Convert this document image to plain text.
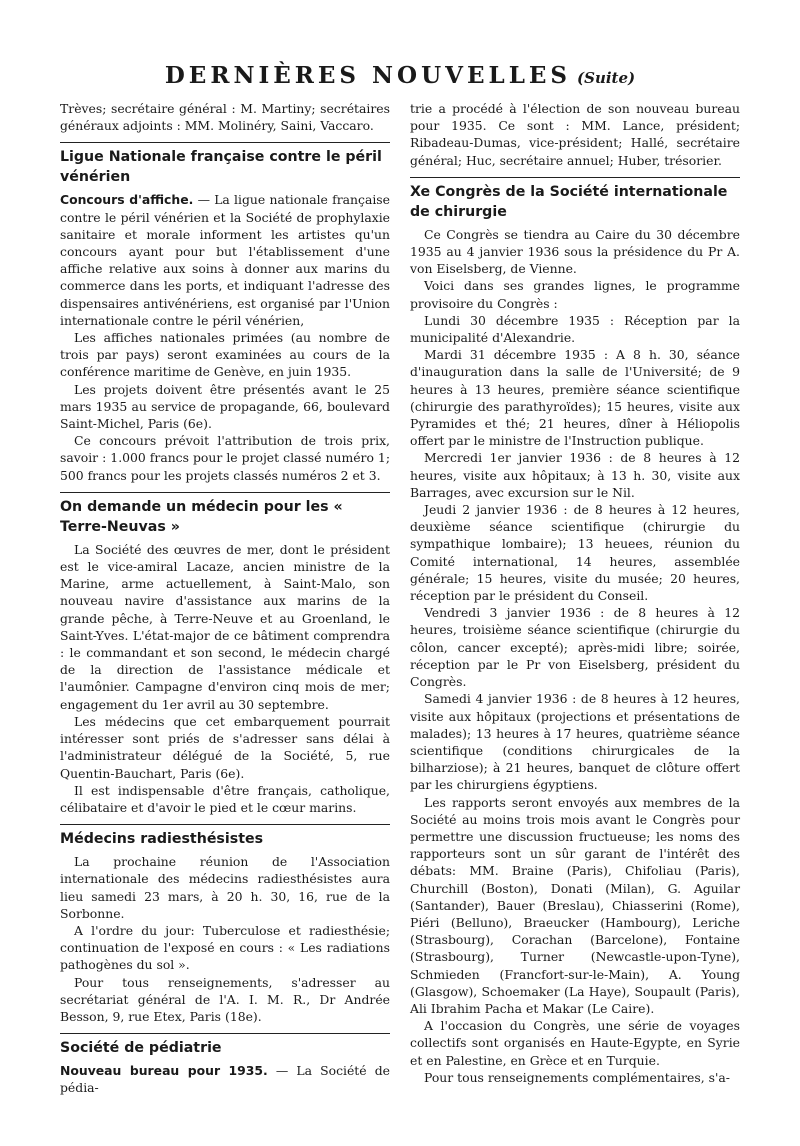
DERNIÈRES NOUVELLES (Suite)

Trèves; secrétaire général : M. Martiny; secrétaires généraux adjoints : MM. Molinéry, Saini, Vaccaro.

Ligue Nationale française contre le péril vénérien

Concours d'affiche. — La ligue nationale française contre le péril vénérien et la Société de prophylaxie sanitaire et morale informent les artistes qu'un concours ayant pour but l'établissement d'une affiche relative aux soins à donner aux marins du commerce dans les ports, et indiquant l'adresse des dispensaires antivénériens, est organisé par l'Union internationale contre le péril vénérien,

Les affiches nationales primées (au nombre de trois par pays) seront examinées au cours de la conférence maritime de Genève, en juin 1935.

Les projets doivent être présentés avant le 25 mars 1935 au service de propagande, 66, boulevard Saint-Michel, Paris (6e).

Ce concours prévoit l'attribution de trois prix, savoir : 1.000 francs pour le projet classé numéro 1; 500 francs pour les projets classés numéros 2 et 3.

On demande un médecin pour les « Terre-Neuvas »

La Société des œuvres de mer, dont le président est le vice-amiral Lacaze, ancien ministre de la Marine, arme actuellement, à Saint-Malo, son nouveau navire d'assistance aux marins de la grande pêche, à Terre-Neuve et au Groenland, le Saint-Yves. L'état-major de ce bâtiment comprendra : le commandant et son second, le médecin chargé de la direction de l'assistance médicale et l'aumônier. Campagne d'environ cinq mois de mer; engagement du 1er avril au 30 septembre.

Les médecins que cet embarquement pourrait intéresser sont priés de s'adresser sans délai à l'administrateur délégué de la Société, 5, rue Quentin-Bauchart, Paris (6e).

Il est indispensable d'être français, catholique, célibataire et d'avoir le pied et le cœur marins.

Médecins radiesthésistes

La prochaine réunion de l'Association internationale des médecins radiesthésistes aura lieu samedi 23 mars, à 20 h. 30, 16, rue de la Sorbonne.

A l'ordre du jour: Tuberculose et radiesthésie; continuation de l'exposé en cours : « Les radiations pathogènes du sol ».

Pour tous renseignements, s'adresser au secrétariat général de l'A. I. M. R., Dr Andrée Besson, 9, rue Etex, Paris (18e).

Société de pédiatrie

Nouveau bureau pour 1935. — La Société de pédia-

trie a procédé à l'élection de son nouveau bureau pour 1935. Ce sont : MM. Lance, président; Ribadeau-Dumas, vice-président; Hallé, secrétaire général; Huc, secrétaire annuel; Huber, trésorier.

Xe Congrès de la Société internationale de chirurgie

Ce Congrès se tiendra au Caire du 30 décembre 1935 au 4 janvier 1936 sous la présidence du Pr A. von Eiselsberg, de Vienne.

Voici dans ses grandes lignes, le programme provisoire du Congrès :

Lundi 30 décembre 1935 : Réception par la municipalité d'Alexandrie.

Mardi 31 décembre 1935 : A 8 h. 30, séance d'inauguration dans la salle de l'Université; de 9 heures à 13 heures, première séance scientifique (chirurgie des parathyroïdes); 15 heures, visite aux Pyramides et thé; 21 heures, dîner à Héliopolis offert par le ministre de l'Instruction publique.

Mercredi 1er janvier 1936 : de 8 heures à 12 heures, visite aux hôpitaux; à 13 h. 30, visite aux Barrages, avec excursion sur le Nil.

Jeudi 2 janvier 1936 : de 8 heures à 12 heures, deuxième séance scientifique (chirurgie du sympathique lombaire); 13 heuees, réunion du Comité international, 14 heures, assemblée générale; 15 heures, visite du musée; 20 heures, réception par le président du Conseil.

Vendredi 3 janvier 1936 : de 8 heures à 12 heures, troisième séance scientifique (chirurgie du côlon, cancer excepté); après-midi libre; soirée, réception par le Pr von Eiselsberg, président du Congrès.

Samedi 4 janvier 1936 : de 8 heures à 12 heures, visite aux hôpitaux (projections et présentations de malades); 13 heures à 17 heures, quatrième séance scientifique (conditions chirurgicales de la bilharziose); à 21 heures, banquet de clôture offert par les chirurgiens égyptiens.

Les rapports seront envoyés aux membres de la Société au moins trois mois avant le Congrès pour permettre une discussion fructueuse; les noms des rapporteurs sont un sûr garant de l'intérêt des débats: MM. Braine (Paris), Chifoliau (Paris), Churchill (Boston), Donati (Milan), G. Aguilar (Santander), Bauer (Breslau), Chiasserini (Rome), Piéri (Belluno), Braeucker (Hambourg), Leriche (Strasbourg), Corachan (Barcelone), Fontaine (Strasbourg), Turner (Newcastle-upon-Tyne), Schmieden (Francfort-sur-le-Main), A. Young (Glasgow), Schoemaker (La Haye), Soupault (Paris), Ali Ibrahim Pacha et Makar (Le Caire).

A l'occasion du Congrès, une série de voyages collectifs sont organisés en Haute-Egypte, en Syrie et en Palestine, en Grèce et en Turquie.

Pour tous renseignements complémentaires, s'a-
